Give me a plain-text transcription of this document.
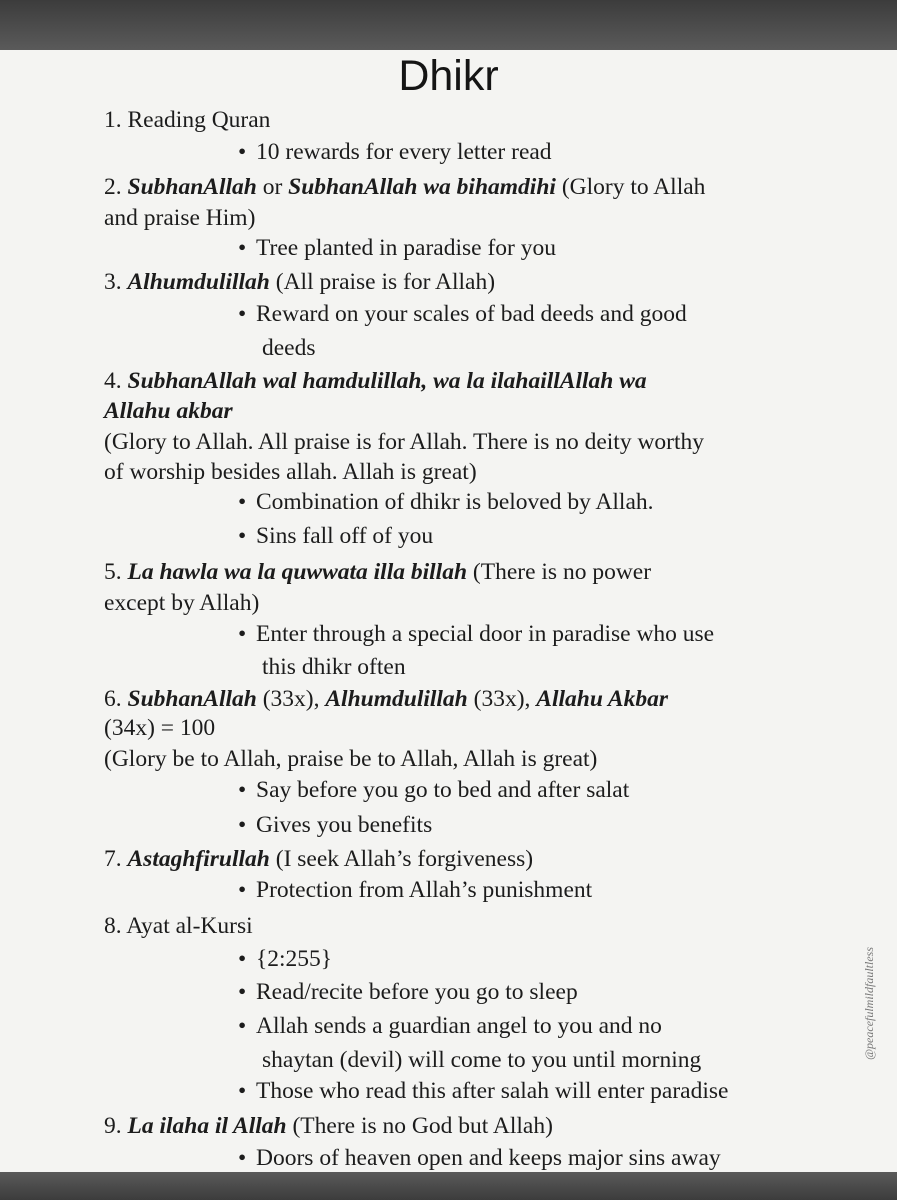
Dhikr
1. Reading Quran
• 10 rewards for every letter read
2. SubhanAllah or SubhanAllah wa bihamdihi (Glory to Allah
and praise Him)
• Tree planted in paradise for you
3. Alhumdulillah (All praise is for Allah)
• Reward on your scales of bad deeds and good
deeds
4. SubhanAllah wal hamdulillah, wa la ilahaillAllah wa
Allahu akbar
(Glory to Allah. All praise is for Allah. There is no deity worthy
of worship besides allah. Allah is great)
• Combination of dhikr is beloved by Allah.
• Sins fall off of you
5. La hawla wa la quwwata illa billah (There is no power
except by Allah)
• Enter through a special door in paradise who use
this dhikr often
6. SubhanAllah (33x), Alhumdulillah (33x), Allahu Akbar
(34x) = 100
(Glory be to Allah, praise be to Allah, Allah is great)
• Say before you go to bed and after salat
• Gives you benefits
7. Astaghfirullah (I seek Allah’s forgiveness)
• Protection from Allah’s punishment
8. Ayat al-Kursi
• {2:255}
• Read/recite before you go to sleep
• Allah sends a guardian angel to you and no
shaytan (devil) will come to you until morning
• Those who read this after salah will enter paradise
9. La ilaha il Allah (There is no God but Allah)
• Doors of heaven open and keeps major sins away
@peacefulmildfaultless
